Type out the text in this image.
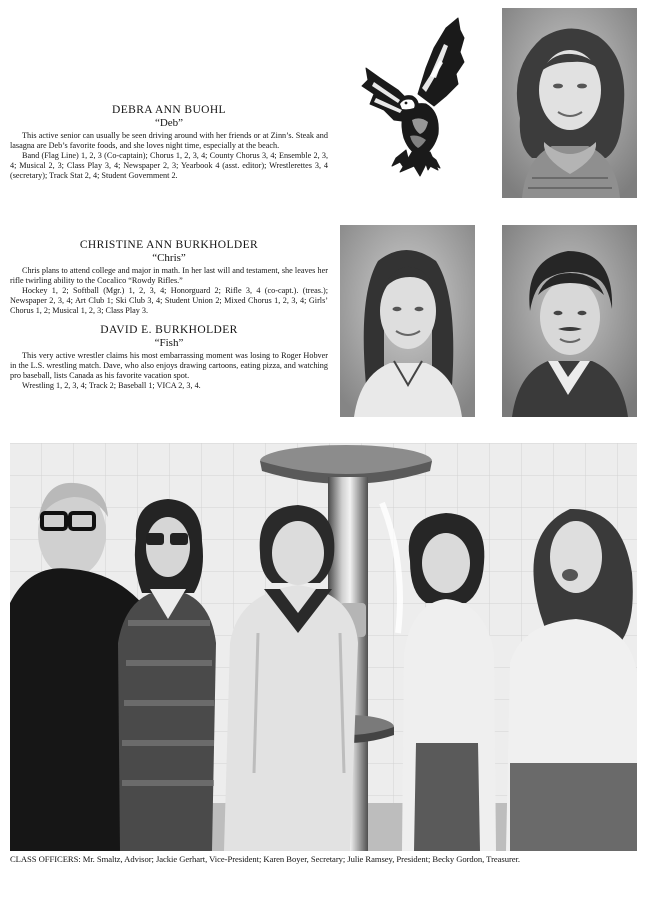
DEBRA ANN BUOHL
“Deb”

This active senior can usually be seen driving around with her friends or at Zinn’s. Steak and lasagna are Deb’s favorite foods, and she loves night time, especially at the beach.

Band (Flag Line) 1, 2, 3 (Co-captain); Chorus 1, 2, 3, 4; County Chorus 3, 4; Ensemble 2, 3, 4; Musical 2, 3; Class Play 3, 4; Newspaper 2, 3; Yearbook 4 (asst. editor); Wrestlerettes 3, 4 (secretary); Track Stat 2, 4; Student Government 2.

CHRISTINE ANN BURKHOLDER
“Chris”

Chris plans to attend college and major in math. In her last will and testament, she leaves her rifle twirling ability to the Cocalico “Rowdy Rifles.”

Hockey 1, 2; Softball (Mgr.) 1, 2, 3, 4; Honorguard 2; Rifle 3, 4 (co-capt.). (treas.); Newspaper 2, 3, 4; Art Club 1; Ski Club 3, 4; Student Union 2; Mixed Chorus 1, 2, 3, 4; Girls’ Chorus 1, 2; Musical 1, 2, 3; Class Play 3.

DAVID E. BURKHOLDER
“Fish”

This very active wrestler claims his most embarrassing moment was losing to Roger Hobver in the L.S. wrestling match. Dave, who also enjoys drawing cartoons, eating pizza, and watching pro baseball, lists Canada as his favorite vacation spot.

Wrestling 1, 2, 3, 4; Track 2; Baseball 1; VICA 2, 3, 4.

CLASS OFFICERS: Mr. Smaltz, Advisor; Jackie Gerhart, Vice-President; Karen Boyer, Secretary; Julie Ramsey, President; Becky Gordon, Treasurer.
